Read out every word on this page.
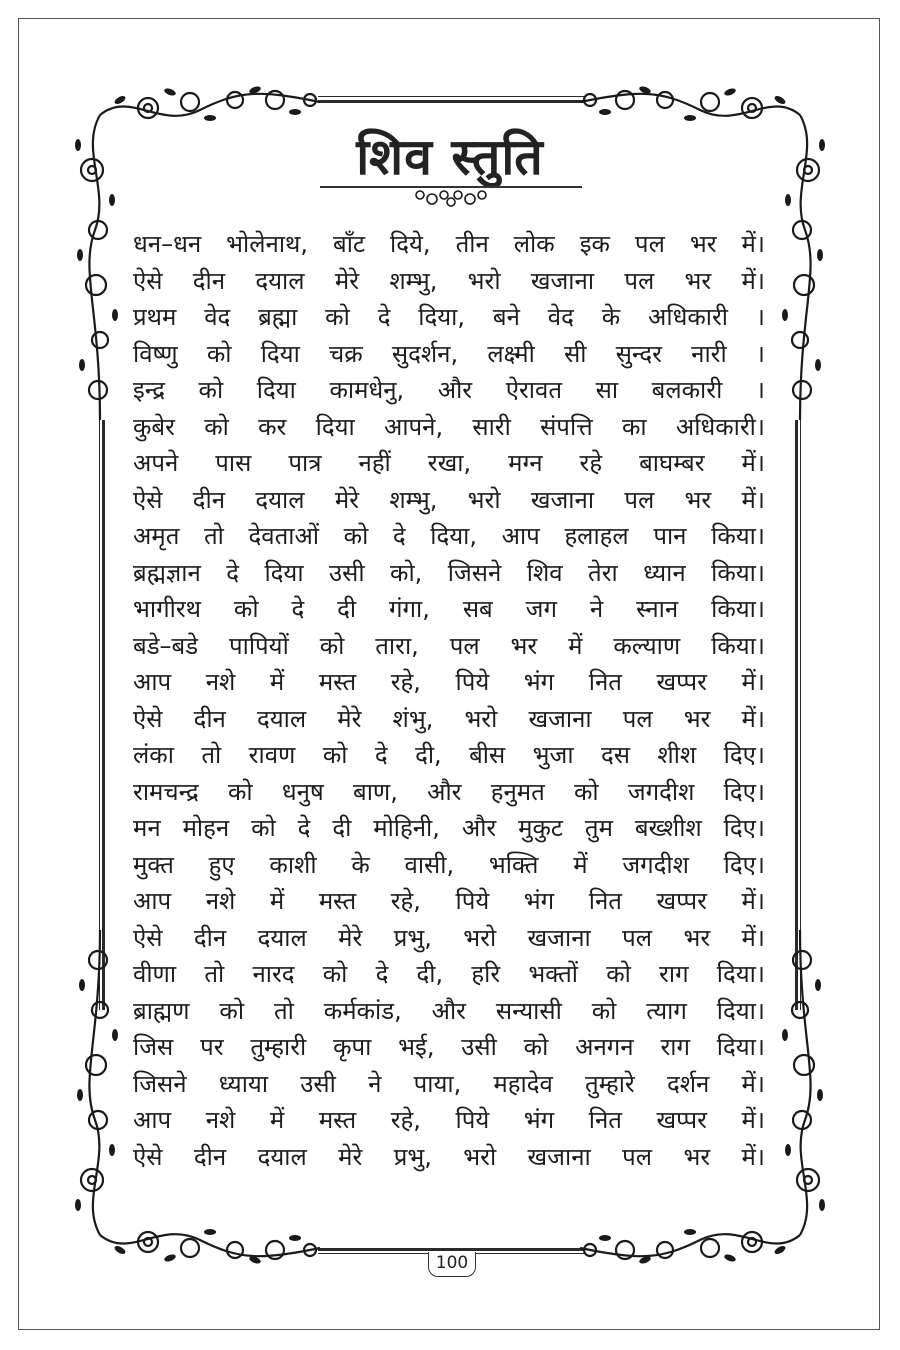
शिव स्तुति
धन–धन भोलेनाथ, बाँट दिये, तीन लोक इक पल भर में।
ऐसे दीन दयाल मेरे शम्भु, भरो खजाना पल भर में।
प्रथम वेद ब्रह्मा को दे दिया, बने वेद के अधिकारी ।
विष्णु को दिया चक्र सुदर्शन, लक्ष्मी सी सुन्दर नारी ।
इन्द्र को दिया कामधेनु, और ऐरावत सा बलकारी ।
कुबेर को कर दिया आपने, सारी संपत्ति का अधिकारी।
अपने पास पात्र नहीं रखा, मग्न रहे बाघम्बर में।
ऐसे दीन दयाल मेरे शम्भु, भरो खजाना पल भर में।
अमृत तो देवताओं को दे दिया, आप हलाहल पान किया।
ब्रह्मज्ञान दे दिया उसी को, जिसने शिव तेरा ध्यान किया।
भागीरथ को दे दी गंगा, सब जग ने स्नान किया।
बडे–बडे पापियों को तारा, पल भर में कल्याण किया।
आप नशे में मस्त रहे, पिये भंग नित खप्पर में।
ऐसे दीन दयाल मेरे शंभु, भरो खजाना पल भर में।
लंका तो रावण को दे दी, बीस भुजा दस शीश दिए।
रामचन्द्र को धनुष बाण, और हनुमत को जगदीश दिए।
मन मोहन को दे दी मोहिनी, और मुकुट तुम बख्शीश दिए।
मुक्त हुए काशी के वासी, भक्ति में जगदीश दिए।
आप नशे में मस्त रहे, पिये भंग नित खप्पर में।
ऐसे दीन दयाल मेरे प्रभु, भरो खजाना पल भर में।
वीणा तो नारद को दे दी, हरि भक्तों को राग दिया।
ब्राह्मण को तो कर्मकांड, और सन्यासी को त्याग दिया।
जिस पर तुम्हारी कृपा भई, उसी को अनगन राग दिया।
जिसने ध्याया उसी ने पाया, महादेव तुम्हारे दर्शन में।
आप नशे में मस्त रहे, पिये भंग नित खप्पर में।
ऐसे दीन दयाल मेरे प्रभु, भरो खजाना पल भर में।
100
